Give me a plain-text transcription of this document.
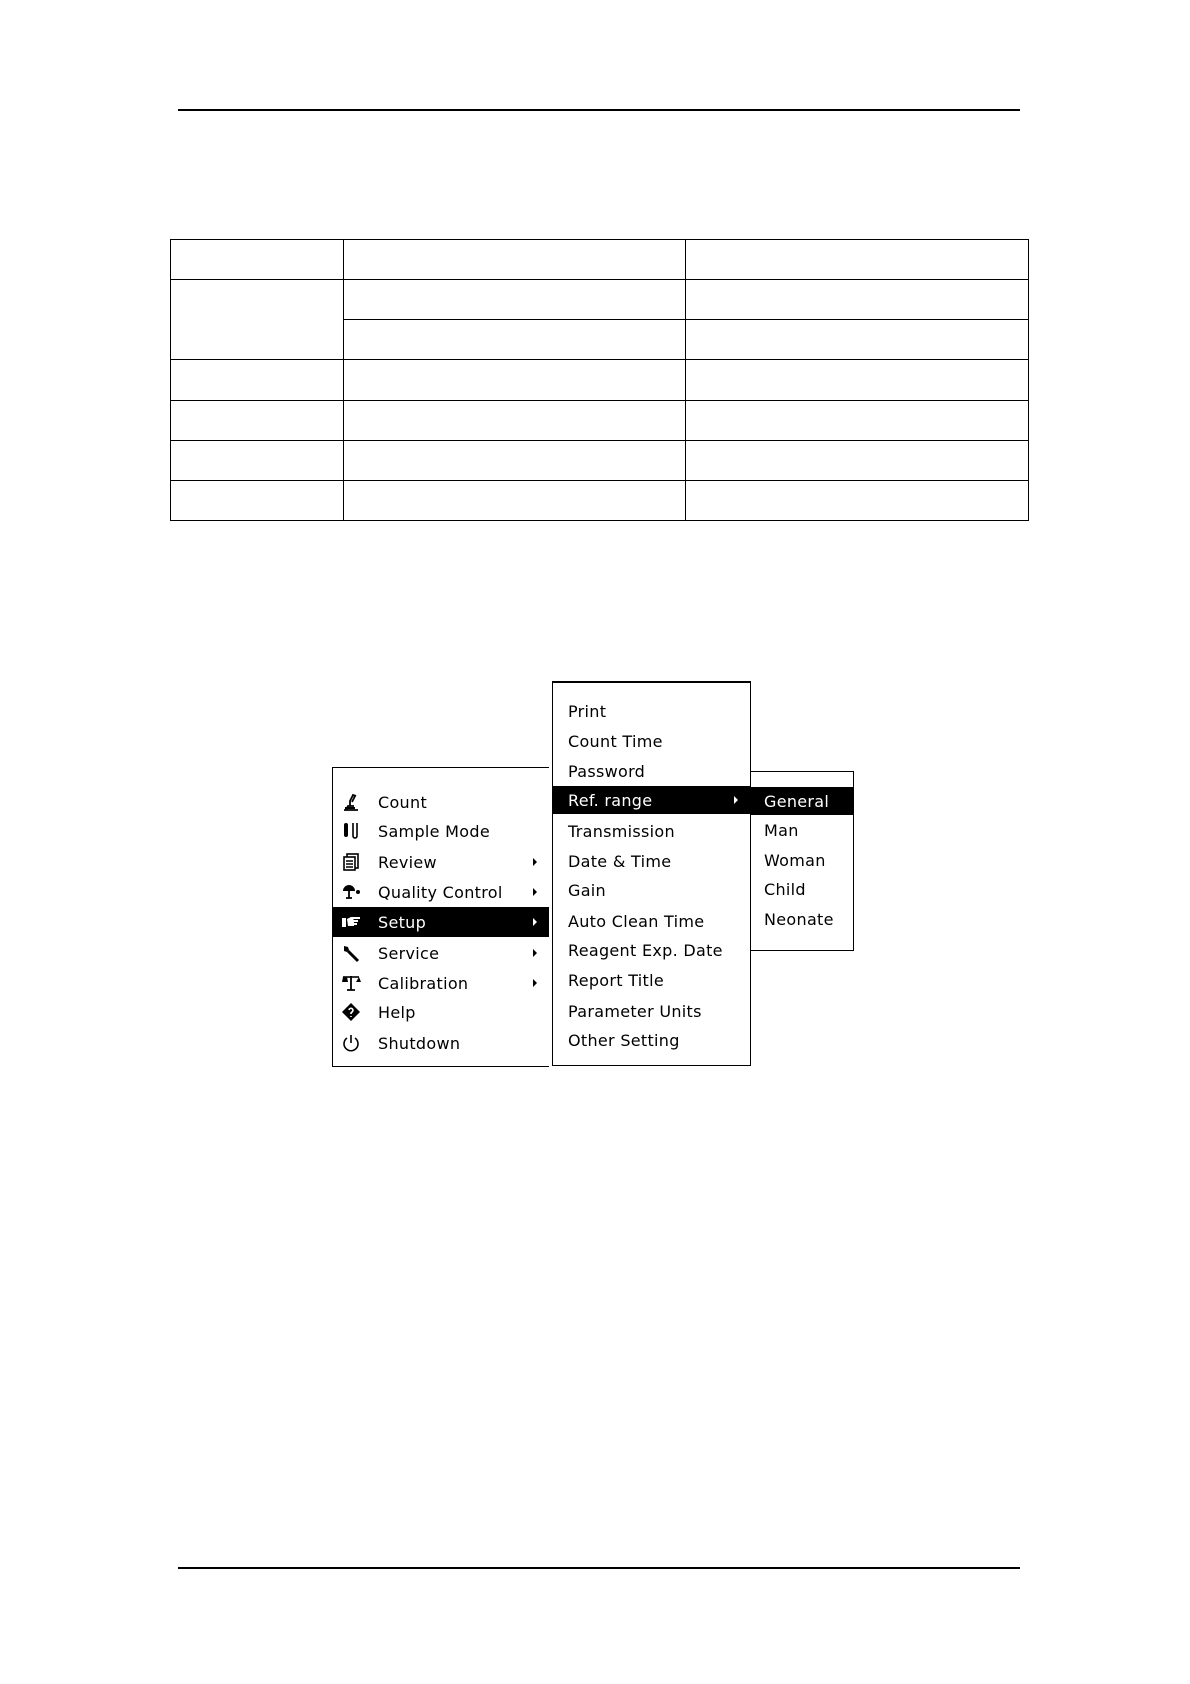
Count
Sample Mode
Review
Quality Control
Setup
Service
Calibration
Help
Shutdown
Print
Count Time
Password
Ref. range
Transmission
Date & Time
Gain
Auto Clean Time
Reagent Exp. Date
Report Title
Parameter Units
Other Setting
General
Man
Woman
Child
Neonate
